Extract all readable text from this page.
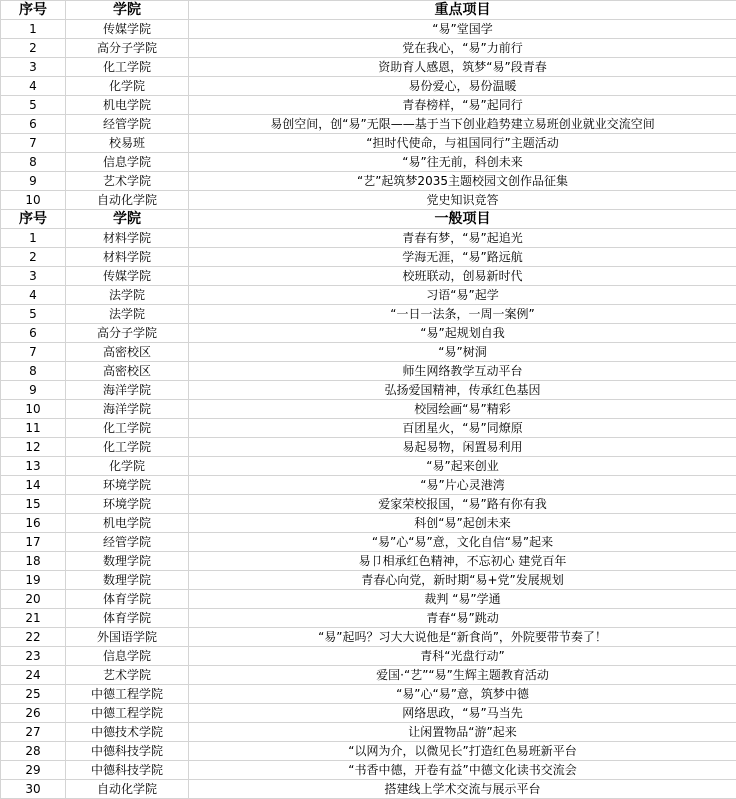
序号	学院	重点项目
1	传媒学院	“易”堂国学
2	高分子学院	党在我心，“易”力前行
3	化工学院	资助育人感恩，筑梦“易”段青春
4	化学院	易份爱心，易份温暖
5	机电学院	青春榜样，“易”起同行
6	经管学院	易创空间，创“易”无限——基于当下创业趋势建立易班创业就业交流空间
7	校易班	“担时代使命，与祖国同行”主题活动
8	信息学院	“易”往无前，科创未来
9	艺术学院	“艺”起筑梦2035主题校园文创作品征集
10	自动化学院	党史知识竞答
序号	学院	一般项目
1	材料学院	青春有梦，“易”起追光
2	材料学院	学海无涯，“易”路远航
3	传媒学院	校班联动，创易新时代
4	法学院	习语“易”起学
5	法学院	“一日一法条，一周一案例”
6	高分子学院	“易”起规划自我
7	高密校区	“易”树洞
8	高密校区	师生网络教学互动平台
9	海洋学院	弘扬爱国精神，传承红色基因
10	海洋学院	校园绘画“易”精彩
11	化工学院	百团星火，“易”同燎原
12	化工学院	易起易物，闲置易利用
13	化学院	“易”起来创业
14	环境学院	“易”片心灵港湾
15	环境学院	爱家荣校报国，“易”路有你有我
16	机电学院	科创“易”起创未来
17	经管学院	“易”心“易”意，文化自信“易”起来
18	数理学院	易卩相承红色精神，不忘初心 建党百年
19	数理学院	青春心向党，新时期“易+党”发展规划
20	体育学院	裁判 “易”学通
21	体育学院	青春“易”跳动
22	外国语学院	“易”起吗？习大大说他是“新食尚”，外院要带节奏了！
23	信息学院	青科“光盘行动”
24	艺术学院	爱国·“艺”“易”生辉主题教育活动
25	中德工程学院	“易”心“易”意，筑梦中德
26	中德工程学院	网络思政，“易”马当先
27	中德技术学院	让闲置物品“游”起来
28	中德科技学院	“以网为介，以微见长”打造红色易班新平台
29	中德科技学院	“书香中德，开卷有益”中德文化读书交流会
30	自动化学院	搭建线上学术交流与展示平台
